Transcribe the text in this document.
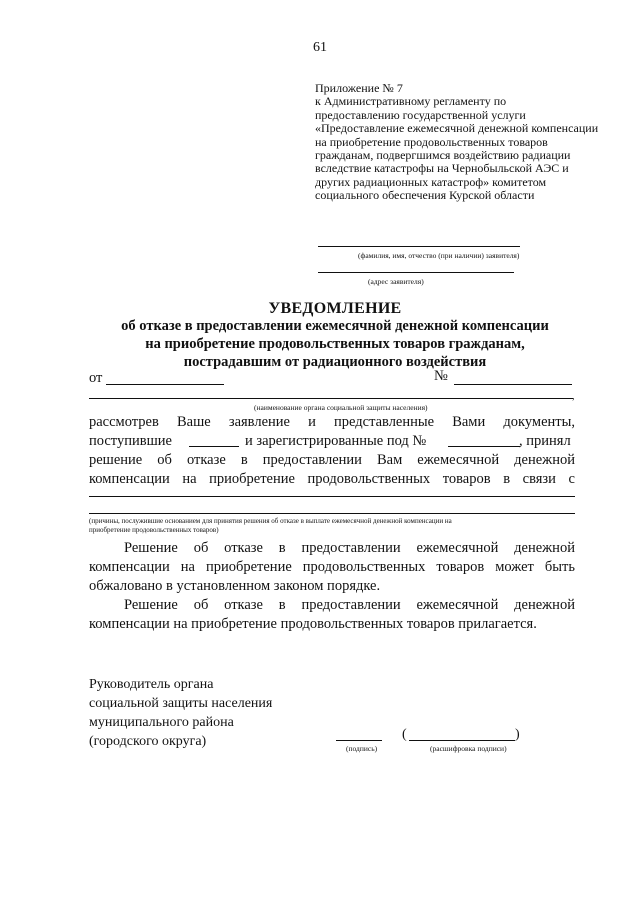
61
Приложение № 7
к Административному регламенту по
предоставлению государственной услуги
«Предоставление ежемесячной денежной компенсации
на приобретение продовольственных товаров
гражданам, подвергшимся воздействию радиации
вследствие катастрофы на Чернобыльской АЭС и
других радиационных катастроф» комитетом
социального обеспечения Курской области
(фамилия, имя, отчество (при наличии) заявителя)
(адрес заявителя)
УВЕДОМЛЕНИЕ
об отказе в предоставлении ежемесячной денежной компенсации
на приобретение продовольственных товаров гражданам,
пострадавшим от радиационного воздействия
от	№
,
(наименование органа социальной защиты населения)
рассмотрев Ваше заявление и представленные Вами документы,
поступившие	и зарегистрированные под №	, принял
решение об отказе в предоставлении Вам ежемесячной денежной
компенсации на приобретение продовольственных товаров в связи с
(причины, послужившие основанием для принятия решения об отказе в выплате ежемесячной денежной компенсации на
приобретение продовольственных товаров)
Решение об отказе в предоставлении ежемесячной денежной
компенсации на приобретение продовольственных товаров может быть
обжаловано в установленном законом порядке.
Решение об отказе в предоставлении ежемесячной денежной
компенсации на приобретение продовольственных товаров прилагается.
Руководитель органа
социальной защиты населения
муниципального района
(городского округа)	(подпись)
(	)
(расшифровка подписи)
